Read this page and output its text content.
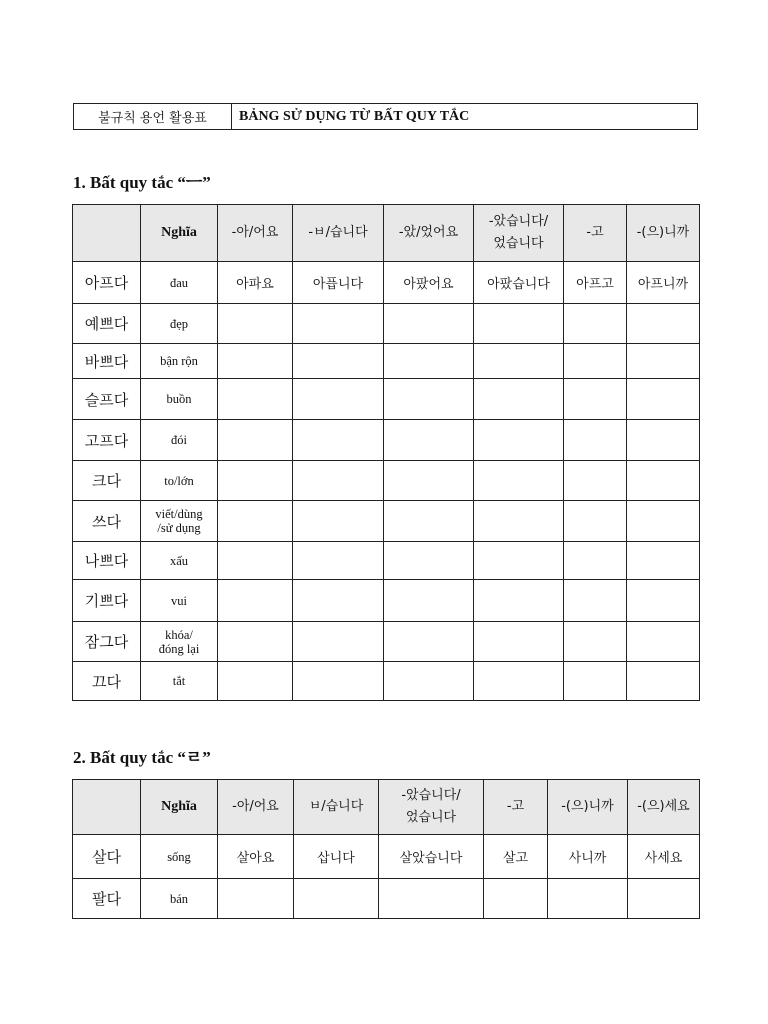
불규칙 용언 활용표	BẢNG SỬ DỤNG TỪ BẤT QUY TẮC
1. Bất quy tắc “ㅡ”
	Nghĩa	-아/어요	-ㅂ/습니다	-았/었어요	-았습니다/
었습니다	-고	-(으)니까
아프다	đau	아파요	아픕니다	아팠어요	아팠습니다	아프고	아프니까
예쁘다	đẹp						
바쁘다	bận rộn						
슬프다	buồn						
고프다	đói						
크다	to/lớn						
쓰다	viết/dùng
/sử dụng						
나쁘다	xấu						
기쁘다	vui						
잠그다	khóa/
đóng lại						
끄다	tắt						
2. Bất quy tắc “ㄹ”
	Nghĩa	-아/어요	ㅂ/습니다	-았습니다/
었습니다	-고	-(으)니까	-(으)세요
살다	sống	살아요	삽니다	살았습니다	살고	사니까	사세요
팔다	bán						
